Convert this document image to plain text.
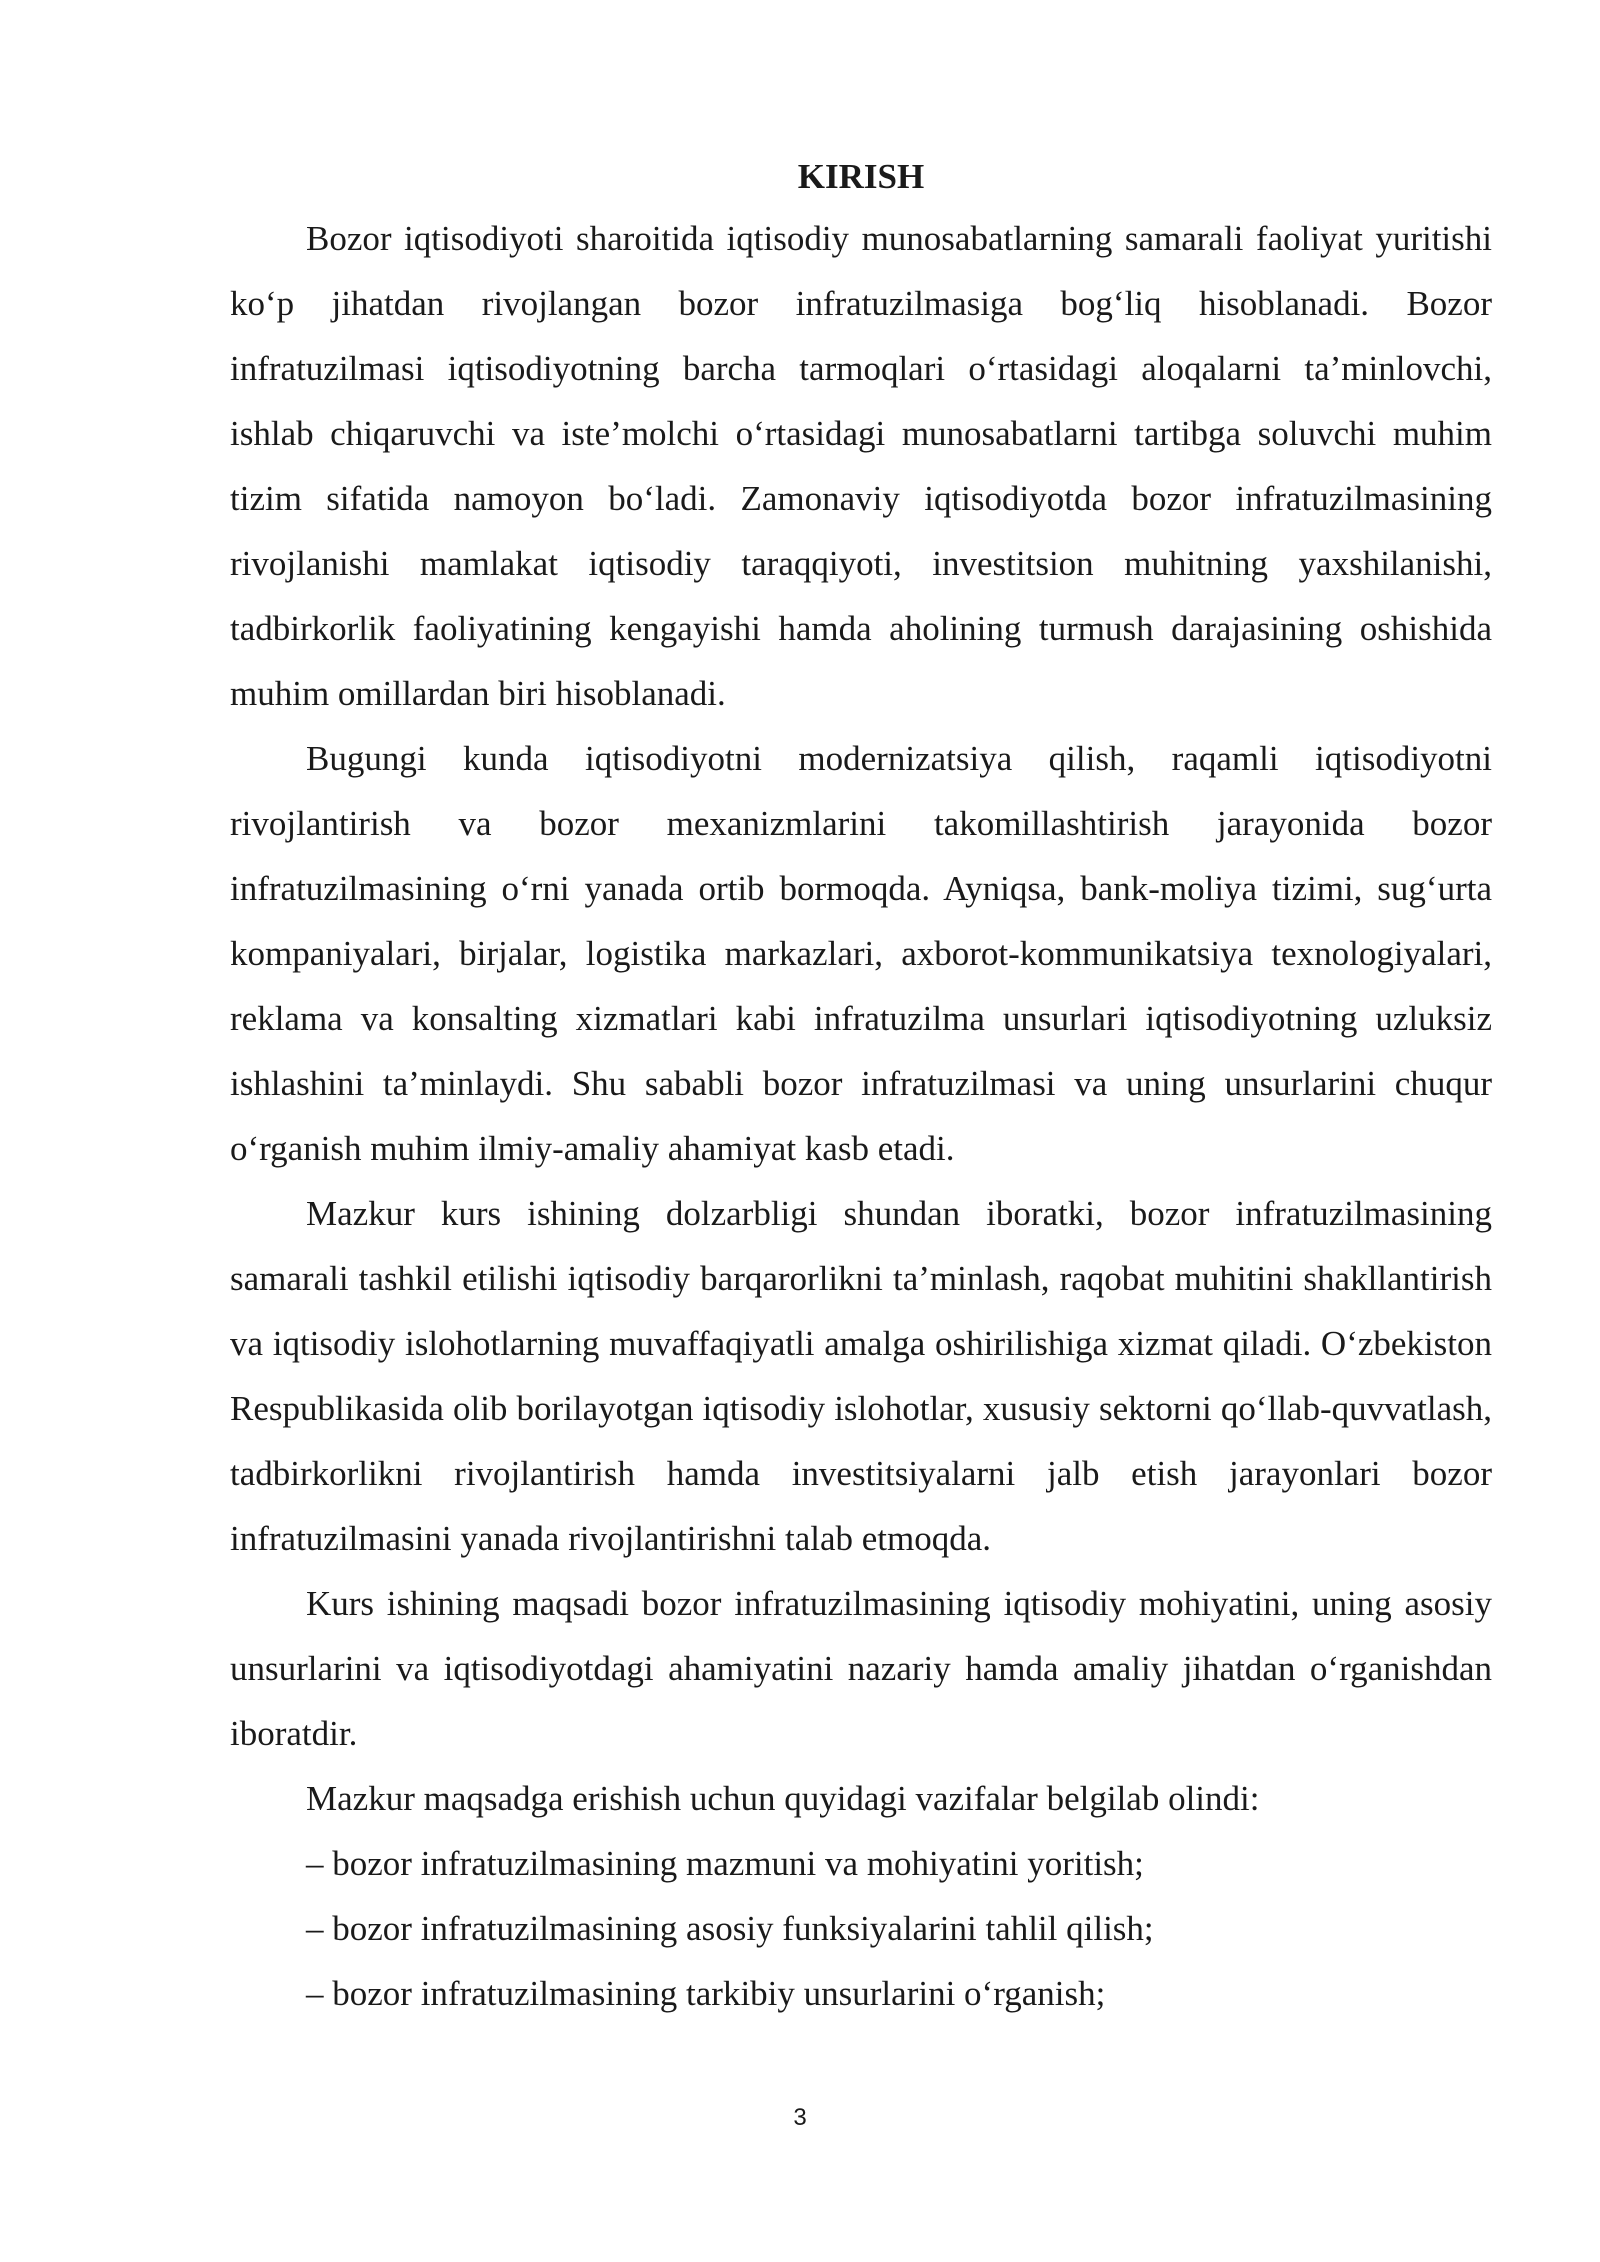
KIRISH

Bozor iqtisodiyoti sharoitida iqtisodiy munosabatlarning samarali faoliyat yuritishi ko‘p jihatdan rivojlangan bozor infratuzilmasiga bog‘liq hisoblanadi. Bozor infratuzilmasi iqtisodiyotning barcha tarmoqlari o‘rtasidagi aloqalarni ta’minlovchi, ishlab chiqaruvchi va iste’molchi o‘rtasidagi munosabatlarni tartibga soluvchi muhim tizim sifatida namoyon bo‘ladi. Zamonaviy iqtisodiyotda bozor infratuzilmasining rivojlanishi mamlakat iqtisodiy taraqqiyoti, investitsion muhitning yaxshilanishi, tadbirkorlik faoliyatining kengayishi hamda aholining turmush darajasining oshishida muhim omillardan biri hisoblanadi.

Bugungi kunda iqtisodiyotni modernizatsiya qilish, raqamli iqtisodiyotni rivojlantirish va bozor mexanizmlarini takomillashtirish jarayonida bozor infratuzilmasining o‘rni yanada ortib bormoqda. Ayniqsa, bank-moliya tizimi, sug‘urta kompaniyalari, birjalar, logistika markazlari, axborot-kommunikatsiya texnologiyalari, reklama va konsalting xizmatlari kabi infratuzilma unsurlari iqtisodiyotning uzluksiz ishlashini ta’minlaydi. Shu sababli bozor infratuzilmasi va uning unsurlarini chuqur o‘rganish muhim ilmiy-amaliy ahamiyat kasb etadi.

Mazkur kurs ishining dolzarbligi shundan iboratki, bozor infratuzilmasining samarali tashkil etilishi iqtisodiy barqarorlikni ta’minlash, raqobat muhitini shakllantirish va iqtisodiy islohotlarning muvaffaqiyatli amalga oshirilishiga xizmat qiladi. O‘zbekiston Respublikasida olib borilayotgan iqtisodiy islohotlar, xususiy sektorni qo‘llab-quvvatlash, tadbirkorlikni rivojlantirish hamda investitsiyalarni jalb etish jarayonlari bozor infratuzilmasini yanada rivojlantirishni talab etmoqda.

Kurs ishining maqsadi bozor infratuzilmasining iqtisodiy mohiyatini, uning asosiy unsurlarini va iqtisodiyotdagi ahamiyatini nazariy hamda amaliy jihatdan o‘rganishdan iboratdir.

Mazkur maqsadga erishish uchun quyidagi vazifalar belgilab olindi:

– bozor infratuzilmasining mazmuni va mohiyatini yoritish;

– bozor infratuzilmasining asosiy funksiyalarini tahlil qilish;

– bozor infratuzilmasining tarkibiy unsurlarini o‘rganish;

3
